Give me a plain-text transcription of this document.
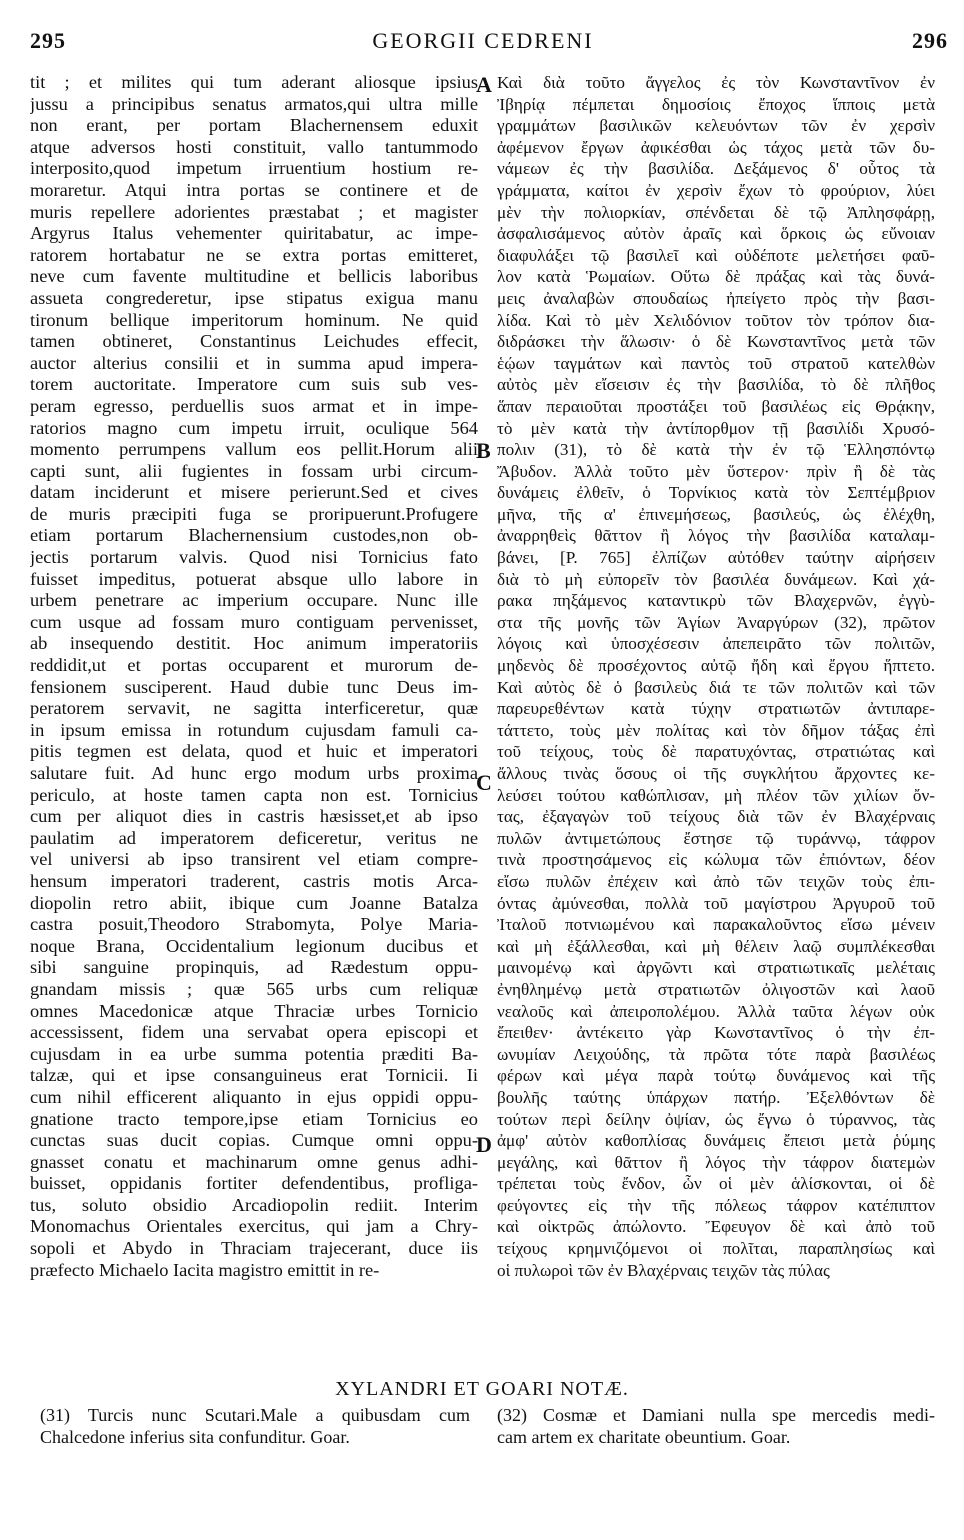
295	GEORGII CEDRENI	296
tit ; et milites qui tum aderant aliosque ipsius
jussu a principibus senatus armatos,qui ultra mille
non erant, per portam Blachernensem eduxit
atque adversos hosti constituit, vallo tantummodo
interposito,quod impetum irruentium hostium re-
moraretur. Atqui intra portas se continere et de
muris repellere adorientes præstabat ; et magister
Argyrus Italus vehementer quiritabatur, ac impe-
ratorem hortabatur ne se extra portas emitteret,
neve cum favente multitudine et bellicis laboribus
assueta congrederetur, ipse stipatus exigua manu
tironum bellique imperitorum hominum. Ne quid
tamen obtineret, Constantinus Leichudes effecit,
auctor alterius consilii et in summa apud impera-
torem auctoritate. Imperatore cum suis sub ves-
peram egresso, perduellis suos armat et in impe-
ratorios magno cum impetu irruit, oculique 564
momento perrumpens vallum eos pellit.Horum alii
capti sunt, alii fugientes in fossam urbi circum-
datam inciderunt et misere perierunt.Sed et cives
de muris præcipiti fuga se proripuerunt.Profugere
etiam portarum Blachernensium custodes,non ob-
jectis portarum valvis. Quod nisi Tornicius fato
fuisset impeditus, potuerat absque ullo labore in
urbem penetrare ac imperium occupare. Nunc ille
cum usque ad fossam muro contiguam pervenisset,
ab insequendo destitit. Hoc animum imperatoriis
reddidit,ut et portas occuparent et murorum de-
fensionem susciperent. Haud dubie tunc Deus im-
peratorem servavit, ne sagitta interficeretur, quæ
in ipsum emissa in rotundum cujusdam famuli ca-
pitis tegmen est delata, quod et huic et imperatori
salutare fuit. Ad hunc ergo modum urbs proxima
periculo, at hoste tamen capta non est. Tornicius
cum per aliquot dies in castris hæsisset,et ab ipso
paulatim ad imperatorem deficeretur, veritus ne
vel universi ab ipso transirent vel etiam compre-
hensum imperatori traderent, castris motis Arca-
diopolin retro abiit, ibique cum Joanne Batalza
castra posuit,Theodoro Strabomyta, Polye Maria-
noque Brana, Occidentalium legionum ducibus et
sibi sanguine propinquis, ad Rædestum oppu-
gnandam missis ; quæ 565 urbs cum reliquæ
omnes Macedonicæ atque Thraciæ urbes Tornicio
accessissent, fidem una servabat opera episcopi et
cujusdam in ea urbe summa potentia præditi Ba-
talzæ, qui et ipse consanguineus erat Tornicii. Ii
cum nihil efficerent aliquanto in ejus oppidi oppu-
gnatione tracto tempore,ipse etiam Tornicius eo
cunctas suas ducit copias. Cumque omni oppu-
gnasset conatu et machinarum omne genus adhi-
buisset, oppidanis fortiter defendentibus, profliga-
tus, soluto obsidio Arcadiopolin rediit. Interim
Monomachus Orientales exercitus, qui jam a Chry-
sopoli et Abydo in Thraciam trajecerant, duce iis
præfecto Michaelo Iacita magistro emittit in re-
Καὶ διὰ τοῦτο ἄγγελος ἐς τὸν Κωνσταντῖνον ἐν
Ἰβηρίᾳ πέμπεται δημοσίοις ἔποχος ἵπποις μετὰ
γραμμάτων βασιλικῶν κελευόντων τῶν ἐν χερσὶν
ἀφέμενον ἔργων ἀφικέσθαι ὡς τάχος μετὰ τῶν δυ-
νάμεων ἐς τὴν βασιλίδα. Δεξάμενος δ' οὗτος τὰ
γράμματα, καίτοι ἐν χερσὶν ἔχων τὸ φρούριον, λύει
μὲν τὴν πολιορκίαν, σπένδεται δὲ τῷ Ἀπλησφάρῃ,
ἀσφαλισάμενος αὐτὸν ἀραῖς καὶ ὅρκοις ὡς εὔνοιαν
διαφυλάξει τῷ βασιλεῖ καὶ οὐδέποτε μελετήσει φαῦ-
λον κατὰ Ῥωμαίων. Οὕτω δὲ πράξας καὶ τὰς δυνά-
μεις ἀναλαβὼν σπουδαίως ἠπείγετο πρὸς τὴν βασι-
λίδα. Καὶ τὸ μὲν Χελιδόνιον τοῦτον τὸν τρόπον δια-
διδράσκει τὴν ἅλωσιν· ὁ δὲ Κωνσταντῖνος μετὰ τῶν
ἑῴων ταγμάτων καὶ παντὸς τοῦ στρατοῦ κατελθὼν
αὐτὸς μὲν εἴσεισιν ἐς τὴν βασιλίδα, τὸ δὲ πλῆθος
ἅπαν περαιοῦται προστάξει τοῦ βασιλέως εἰς Θρᾴκην,
τὸ μὲν κατὰ τὴν ἀντίπορθμον τῇ βασιλίδι Χρυσό-
πολιν (31), τὸ δὲ κατὰ τὴν ἐν τῷ Ἑλλησπόντῳ
Ἄβυδον. Ἀλλὰ τοῦτο μὲν ὕστερον· πρὶν ἢ δὲ τὰς
δυνάμεις ἐλθεῖν, ὁ Τορνίκιος κατὰ τὸν Σεπτέμβριον
μῆνα, τῆς α' ἐπινεμήσεως, βασιλεύς, ὡς ἐλέχθη,
ἀναρρηθεὶς θᾶττον ἢ λόγος τὴν βασιλίδα καταλαμ-
βάνει, [P. 765] ἐλπίζων αὐτόθεν ταύτην αἱρήσειν
διὰ τὸ μὴ εὐπορεῖν τὸν βασιλέα δυνάμεων. Καὶ χά-
ρακα πηξάμενος καταντικρὺ τῶν Βλαχερνῶν, ἐγγὺ-
στα τῆς μονῆς τῶν Ἁγίων Ἀναργύρων (32), πρῶτον
λόγοις καὶ ὑποσχέσεσιν ἀπεπειρᾶτο τῶν πολιτῶν,
μηδενὸς δὲ προσέχοντος αὐτῷ ἤδη καὶ ἔργου ἥπτετο.
Καὶ αὐτὸς δὲ ὁ βασιλεὺς διά τε τῶν πολιτῶν καὶ τῶν
παρευρεθέντων κατὰ τύχην στρατιωτῶν ἀντιπαρε-
τάττετο, τοὺς μὲν πολίτας καὶ τὸν δῆμον τάξας ἐπὶ
τοῦ τείχους, τοὺς δὲ παρατυχόντας, στρατιώτας καὶ
ἄλλους τινὰς ὅσους οἱ τῆς συγκλήτου ἄρχοντες κε-
λεύσει τούτου καθώπλισαν, μὴ πλέον τῶν χιλίων ὄν-
τας, ἐξαγαγὼν τοῦ τείχους διὰ τῶν ἐν Βλαχέρναις
πυλῶν ἀντιμετώπους ἔστησε τῷ τυράννῳ, τάφρον
τινὰ προστησάμενος εἰς κώλυμα τῶν ἐπιόντων, δέον
εἴσω πυλῶν ἐπέχειν καὶ ἀπὸ τῶν τειχῶν τοὺς ἐπι-
όντας ἀμύνεσθαι, πολλὰ τοῦ μαγίστρου Ἀργυροῦ τοῦ
Ἰταλοῦ ποτνιωμένου καὶ παρακαλοῦντος εἴσω μένειν
καὶ μὴ ἐξάλλεσθαι, καὶ μὴ θέλειν λαῷ συμπλέκεσθαι
μαινομένῳ καὶ ἀργῶντι καὶ στρατιωτικαῖς μελέταις
ἐνηθλημένῳ μετὰ στρατιωτῶν ὀλιγοστῶν καὶ λαοῦ
νεαλοῦς καὶ ἀπειροπολέμου. Ἀλλὰ ταῦτα λέγων οὐκ
ἔπειθεν· ἀντέκειτο γὰρ Κωνσταντῖνος ὁ τὴν ἐπ-
ωνυμίαν Λειχούδης, τὰ πρῶτα τότε παρὰ βασιλέως
φέρων καὶ μέγα παρὰ τούτῳ δυνάμενος καὶ τῆς
βουλῆς ταύτης ὑπάρχων πατήρ. Ἐξελθόντων δὲ
τούτων περὶ δείλην ὀψίαν, ὡς ἔγνω ὁ τύραννος, τὰς
ἀμφ' αὐτὸν καθοπλίσας δυνάμεις ἔπεισι μετὰ ῥύμης
μεγάλης, καὶ θᾶττον ἢ λόγος τὴν τάφρον διατεμὼν
τρέπεται τοὺς ἔνδον, ὧν οἱ μὲν ἁλίσκονται, οἱ δὲ
φεύγοντες εἰς τὴν τῆς πόλεως τάφρον κατέπιπτον
καὶ οἰκτρῶς ἀπώλοντο. Ἔφευγον δὲ καὶ ἀπὸ τοῦ
τείχους κρημνιζόμενοι οἱ πολῖται, παραπλησίως καὶ
οἱ πυλωροὶ τῶν ἐν Βλαχέρναις τειχῶν τὰς πύλας
A
B
C
D
XYLANDRI ET GOARI NOTÆ.
(31) Turcis nunc Scutari.Male a quibusdam cum
Chalcedone inferius sita confunditur. Goar.
(32) Cosmæ et Damiani nulla spe mercedis medi-
cam artem ex charitate obeuntium. Goar.
